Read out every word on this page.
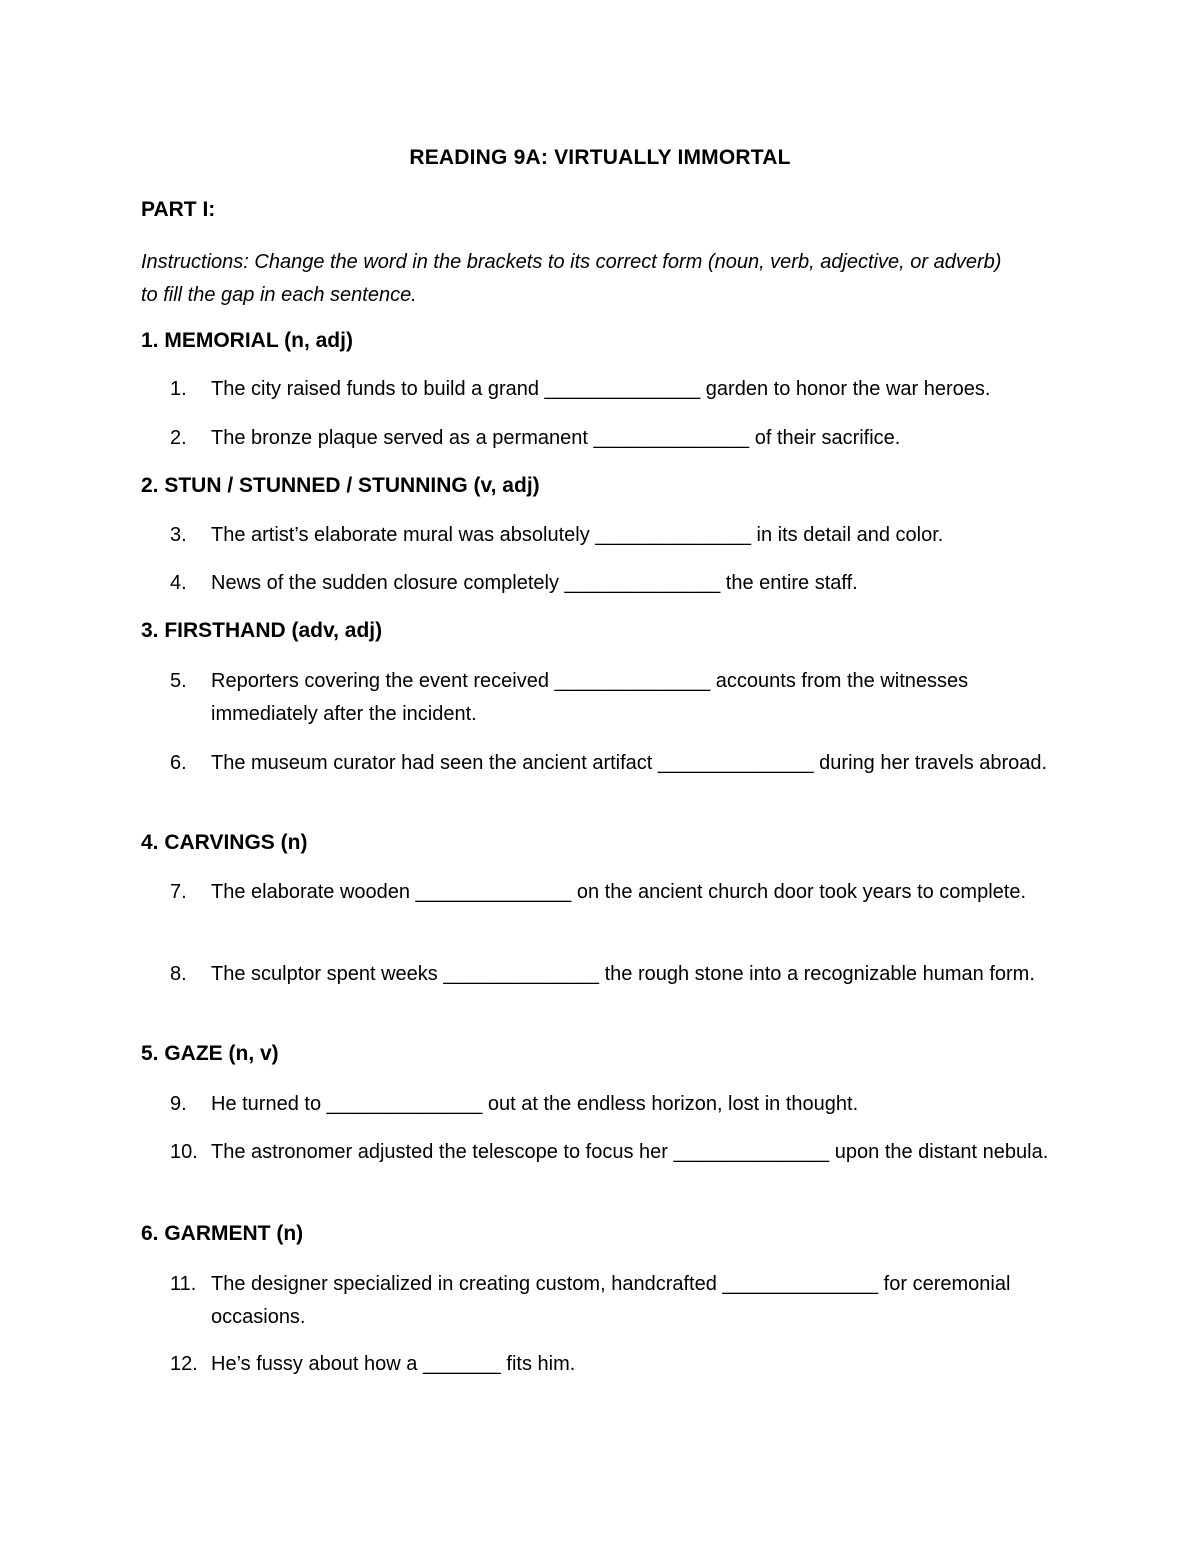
READING 9A: VIRTUALLY IMMORTAL
PART I:

Instructions: Change the word in the brackets to its correct form (noun, verb, adjective, or adverb) to fill the gap in each sentence.

1. MEMORIAL (n, adj)
1.	The city raised funds to build a grand ______________ garden to honor the war heroes.
2.	The bronze plaque served as a permanent ______________ of their sacrifice.
2. STUN / STUNNED / STUNNING (v, adj)
3.	The artist’s elaborate mural was absolutely ______________ in its detail and color.
4.	News of the sudden closure completely ______________ the entire staff.
3. FIRSTHAND (adv, adj)
5.	Reporters covering the event received ______________ accounts from the witnesses immediately after the incident.
6.	The museum curator had seen the ancient artifact ______________ during her travels abroad.
4. CARVINGS (n)
7.	The elaborate wooden ______________ on the ancient church door took years to complete.
8.	The sculptor spent weeks ______________ the rough stone into a recognizable human form.
5. GAZE (n, v)
9.	He turned to ______________ out at the endless horizon, lost in thought.
10. The astronomer adjusted the telescope to focus her ______________ upon the distant nebula.
6. GARMENT (n)
11. The designer specialized in creating custom, handcrafted ______________ for ceremonial occasions.
12. He’s fussy about how a _______ fits him.
